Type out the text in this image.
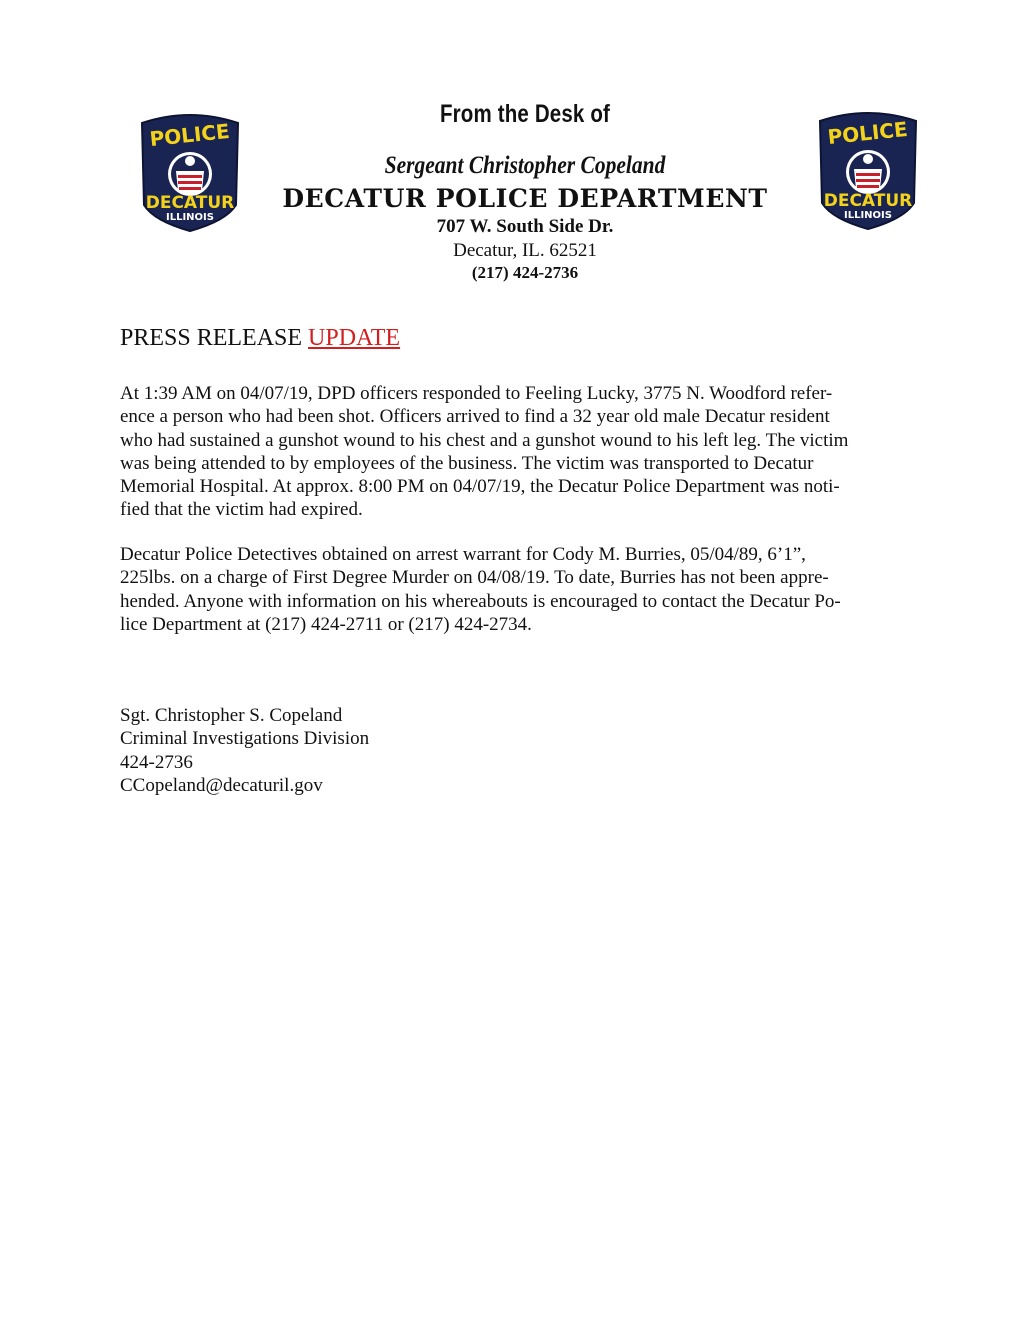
POLICE
DECATUR
ILLINOIS
POLICE
DECATUR
ILLINOIS
From the Desk of
Sergeant Christopher Copeland
DECATUR POLICE DEPARTMENT
707 W. South Side Dr.
Decatur, IL. 62521
(217) 424-2736
PRESS RELEASE UPDATE
At 1:39 AM on 04/07/19, DPD officers responded to Feeling Lucky, 3775 N. Woodford refer-
ence a person who had been shot. Officers arrived to find a 32 year old male Decatur resident
who had sustained a gunshot wound to his chest and a gunshot wound to his left leg. The victim
was being attended to by employees of the business. The victim was transported to Decatur
Memorial Hospital. At approx. 8:00 PM on 04/07/19, the Decatur Police Department was noti-
fied that the victim had expired.
Decatur Police Detectives obtained on arrest warrant for Cody M. Burries, 05/04/89, 6’1”,
225lbs. on a charge of First Degree Murder on 04/08/19. To date, Burries has not been appre-
hended. Anyone with information on his whereabouts is encouraged to contact the Decatur Po-
lice Department at (217) 424-2711 or (217) 424-2734.
Sgt. Christopher S. Copeland
Criminal Investigations Division
424-2736
CCopeland@decaturil.gov
